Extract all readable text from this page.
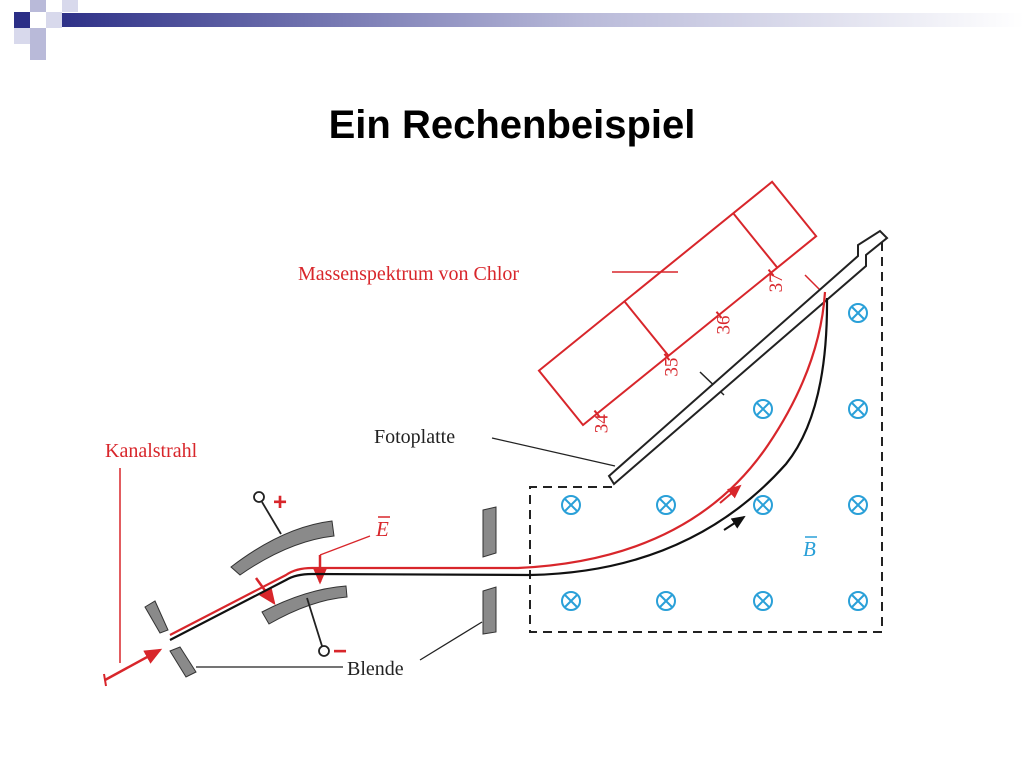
Ein Rechenbeispiel
34
35
36
37
Massenspektrum von Chlor
B
Fotoplatte
+
−
E
Kanalstrahl
Blende
